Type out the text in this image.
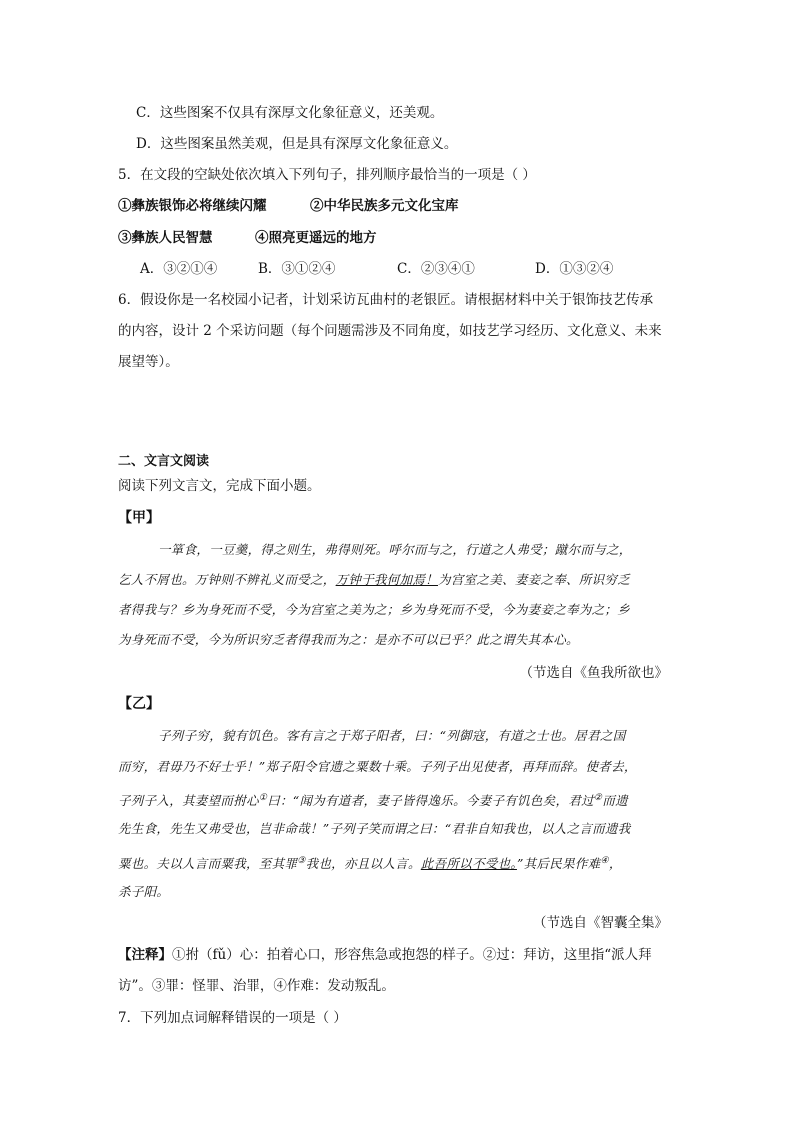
C．这些图案不仅具有深厚文化象征意义，还美观。
D．这些图案虽然美观，但是具有深厚文化象征意义。
5．在文段的空缺处依次填入下列句子，排列顺序最恰当的一项是（ ）
①彝族银饰必将继续闪耀	②中华民族多元文化宝库
③彝族人民智慧	④照亮更遥远的地方
A．③②①④	B．③①②④	C．②③④①	D．①③②④
6．假设你是一名校园小记者，计划采访瓦曲村的老银匠。请根据材料中关于银饰技艺传承
的内容，设计 2 个采访问题（每个问题需涉及不同角度，如技艺学习经历、文化意义、未来
展望等）。
二、文言文阅读
阅读下列文言文，完成下面小题。
【甲】
一箪食，一豆羹，得之则生，弗得则死。呼尔而与之，行道之人弗受；蹴尔而与之，
乞人不屑也。万钟则不辨礼义而受之，万钟于我何加焉！为宫室之美、妻妾之奉、所识穷乏
者得我与？乡为身死而不受，今为宫室之美为之；乡为身死而不受，今为妻妾之奉为之；乡
为身死而不受，今为所识穷乏者得我而为之：是亦不可以已乎？此之谓失其本心。
（节选自《鱼我所欲也》
【乙】
子列子穷，貌有饥色。客有言之于郑子阳者，曰：“列御寇，有道之士也。居君之国
而穷，君毋乃不好士乎！”郑子阳令官遗之粟数十乘。子列子出见使者，再拜而辞。使者去，
子列子入，其妻望而拊心①曰：“闻为有道者，妻子皆得逸乐。今妻子有饥色矣，君过②而遗
先生食，先生又弗受也，岂非命哉！”子列子笑而谓之曰：“君非自知我也，以人之言而遗我
粟也。夫以人言而粟我，至其罪③我也，亦且以人言。此吾所以不受也。”其后民果作难④，
杀子阳。
（节选自《智囊全集》
【注释】①拊（fǔ）心：拍着心口，形容焦急或抱怨的样子。②过：拜访，这里指“派人拜
访”。③罪：怪罪、治罪，④作难：发动叛乱。
7．下列加点词解释错误的一项是（ ）
